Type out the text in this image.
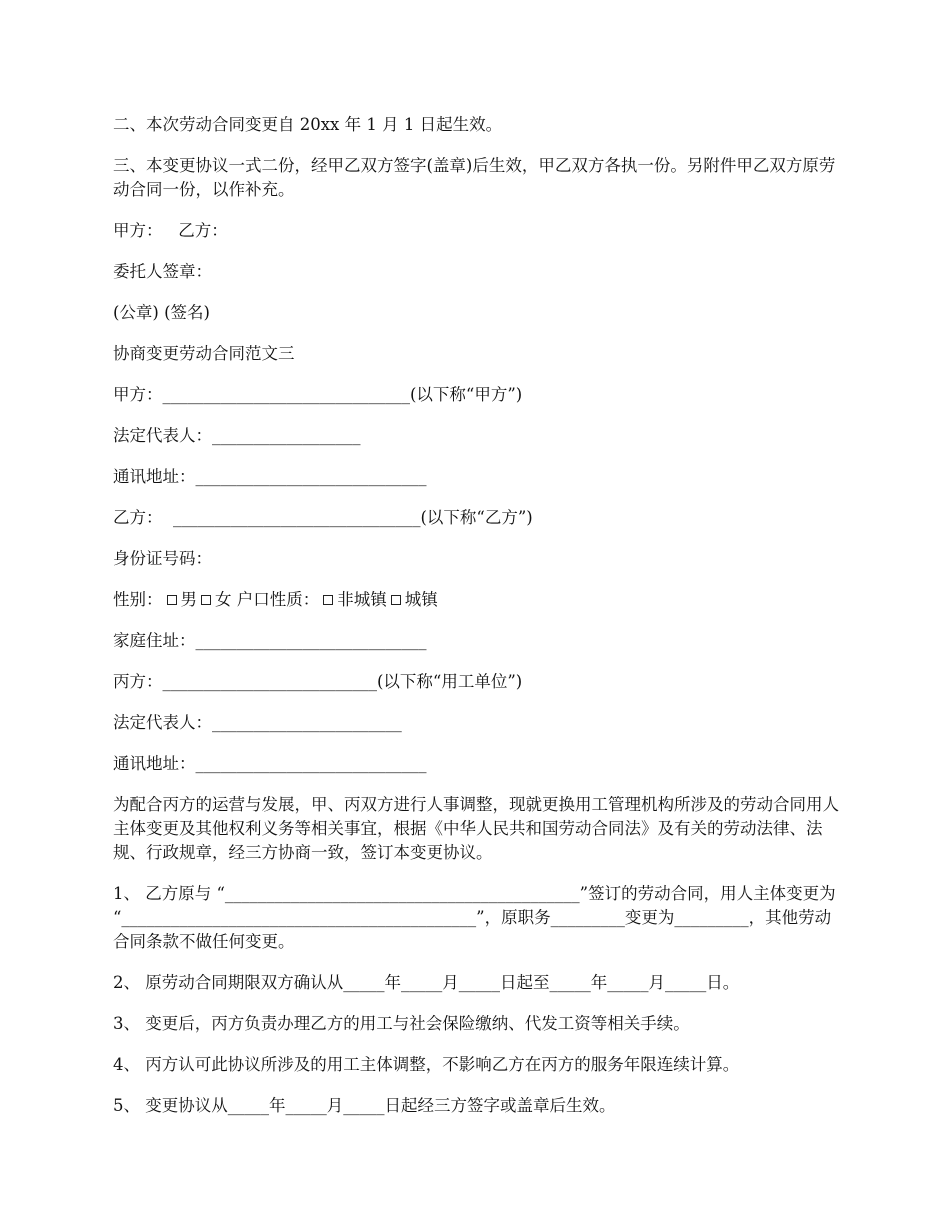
二、本次劳动合同变更自 20xx 年 1 月 1 日起生效。

三、本变更协议一式二份，经甲乙双方签字(盖章)后生效，甲乙双方各执一份。另附件甲乙双方原劳动合同一份，以作补充。

甲方：   乙方：

委托人签章：

(公章) (签名)

协商变更劳动合同范文三

甲方：______________________________(以下称“甲方”)

法定代表人：__________________

通讯地址：____________________________

乙方：  ______________________________(以下称“乙方”)

身份证号码：

性别： 男 女 户口性质： 非城镇 城镇

家庭住址：____________________________

丙方：__________________________(以下称“用工单位”)

法定代表人：_______________________

通讯地址：____________________________

为配合丙方的运营与发展，甲、丙双方进行人事调整，现就更换用工管理机构所涉及的劳动合同用人主体变更及其他权利义务等相关事宜，根据《中华人民共和国劳动合同法》及有关的劳动法律、法规、行政规章，经三方协商一致，签订本变更协议。

1、 乙方原与 “___________________________________________”签订的劳动合同，用人主体变更为 “___________________________________________”，原职务_________变更为_________，其他劳动合同条款不做任何变更。

2、 原劳动合同期限双方确认从_____年_____月_____日起至_____年_____月_____日。

3、 变更后，丙方负责办理乙方的用工与社会保险缴纳、代发工资等相关手续。

4、 丙方认可此协议所涉及的用工主体调整，不影响乙方在丙方的服务年限连续计算。

5、 变更协议从_____年_____月_____日起经三方签字或盖章后生效。
